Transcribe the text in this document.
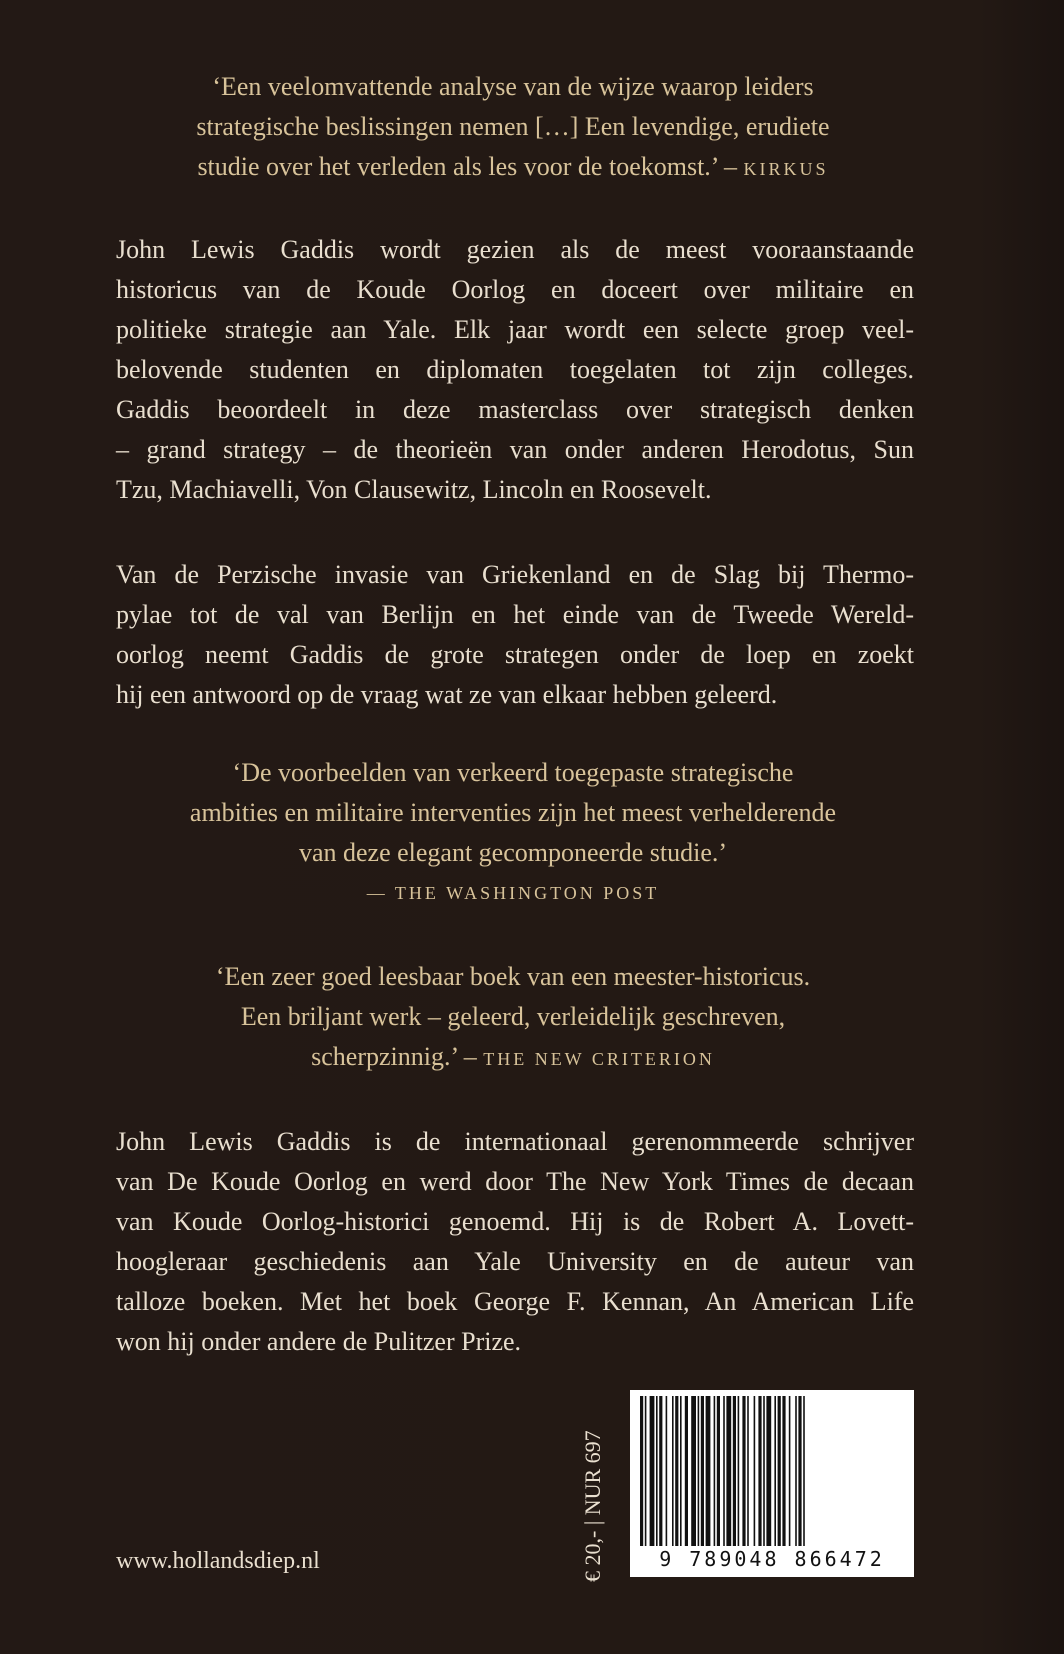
‘Een veelomvattende analyse van de wijze waarop leiders
strategische beslissingen nemen […] Een levendige, erudiete
studie over het verleden als les voor de toekomst.’ – KIRKUS

John Lewis Gaddis wordt gezien als de meest vooraanstaande
historicus van de Koude Oorlog en doceert over militaire en
politieke strategie aan Yale. Elk jaar wordt een selecte groep veel-
belovende studenten en diplomaten toegelaten tot zijn colleges.
Gaddis beoordeelt in deze masterclass over strategisch denken
– grand strategy – de theorieën van onder anderen Herodotus, Sun
Tzu, Machiavelli, Von Clausewitz, Lincoln en Roosevelt.

Van de Perzische invasie van Griekenland en de Slag bij Thermo-
pylae tot de val van Berlijn en het einde van de Tweede Wereld-
oorlog neemt Gaddis de grote strategen onder de loep en zoekt
hij een antwoord op de vraag wat ze van elkaar hebben geleerd.

‘De voorbeelden van verkeerd toegepaste strategische
ambities en militaire interventies zijn het meest verhelderende
van deze elegant gecomponeerde studie.’
— THE WASHINGTON POST

‘Een zeer goed leesbaar boek van een meester-historicus.
Een briljant werk – geleerd, verleidelijk geschreven,
scherpzinnig.’ – THE NEW CRITERION

John Lewis Gaddis is de internationaal gerenommeerde schrijver
van De Koude Oorlog en werd door The New York Times de decaan
van Koude Oorlog-historici genoemd. Hij is de Robert A. Lovett-
hoogleraar geschiedenis aan Yale University en de auteur van
talloze boeken. Met het boek George F. Kennan, An American Life
won hij onder andere de Pulitzer Prize.

www.hollandsdiep.nl	€ 20,- | NUR 697	9 789048 866472
